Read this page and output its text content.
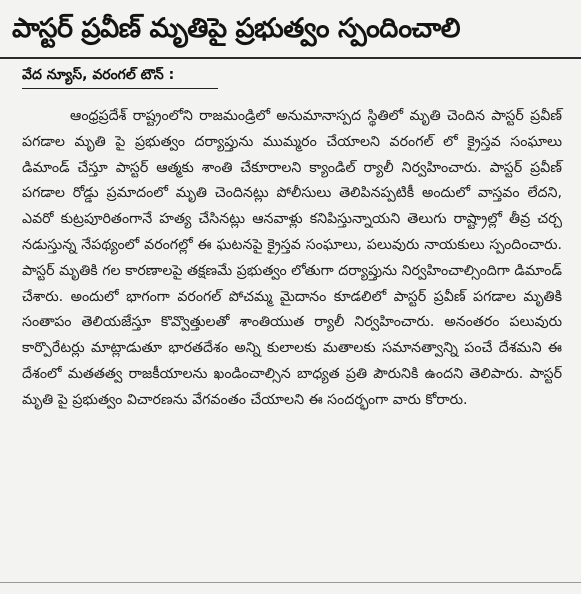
పాస్టర్ ప్రవీణ్ మృతిపై ప్రభుత్వం స్పందించాలి
వేద న్యూస్, వరంగల్ టౌన్ :
ఆంధ్రప్రదేశ్ రాష్ట్రంలోని రాజమండ్రిలో అనుమానాస్పద స్థితిలో మృతి చెందిన పాస్టర్ ప్రవీణ్ పగడాల మృతి పై ప్రభుత్వం దర్యాప్తును ముమ్మరం చేయాలని వరంగల్ లో క్రైస్తవ సంఘాలు డిమాండ్ చేస్తూ పాస్టర్ ఆత్మకు శాంతి చేకూరాలని క్యాండిల్ ర్యాలీ నిర్వహించారు. పాస్టర్ ప్రవీణ్ పగడాల రోడ్డు ప్రమాదంలో మృతి చెందినట్లు పోలీసులు తెలిపినప్పటికీ అందులో వాస్తవం లేదని, ఎవరో కుట్రపూరితంగానే హత్య చేసినట్లు ఆనవాళ్లు కనిపిస్తున్నాయని తెలుగు రాష్ట్రాల్లో తీవ్ర చర్చ నడుస్తున్న నేపథ్యంలో వరంగల్లో ఈ ఘటనపై క్రైస్తవ సంఘాలు, పలువురు నాయకులు స్పందించారు. పాస్టర్ మృతికి గల కారణాలపై తక్షణమే ప్రభుత్వం లోతుగా దర్యాప్తును నిర్వహించాల్సిందిగా డిమాండ్ చేశారు. అందులో భాగంగా వరంగల్ పోచమ్మ మైదానం కూడలిలో పాస్టర్ ప్రవీణ్ పగడాల మృతికి సంతాపం తెలియజేస్తూ కొవ్వొత్తులతో శాంతియుత ర్యాలీ నిర్వహించారు. అనంతరం పలువురు కార్పొరేటర్లు మాట్లాడుతూ భారతదేశం అన్ని కులాలకు మతాలకు సమానత్వాన్ని పంచే దేశమని ఈ దేశంలో మతతత్వ రాజకీయాలను ఖండించాల్సిన బాధ్యత ప్రతి పౌరునికి ఉందని తెలిపారు. పాస్టర్ మృతి పై ప్రభుత్వం విచారణను వేగవంతం చేయాలని ఈ సందర్భంగా వారు కోరారు.
